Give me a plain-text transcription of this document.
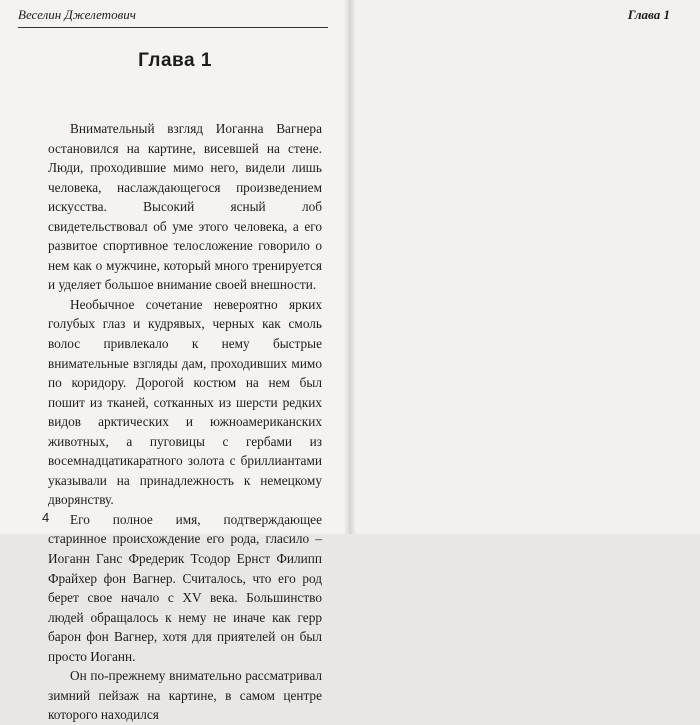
Веселин Джелетович
Глава 1

Внимательный взгляд Иоганна Вагнера остановился на картине, висевшей на стене. Люди, проходившие мимо него, видели лишь человека, наслаждающегося произведением искусства. Высокий ясный лоб свидетельствовал об уме этого человека, а его развитое спортивное телосложение говорило о нем как о мужчине, который много тренируется и уделяет большое внимание своей внешности.

Необычное сочетание невероятно ярких голубых глаз и кудрявых, черных как смоль волос привлекало к нему быстрые внимательные взгляды дам, проходивших мимо по коридору. Дорогой костюм на нем был пошит из тканей, сотканных из шерсти редких видов арктических и южноамериканских животных, а пуговицы с гербами из восемнадцатикаратного золота с бриллиантами указывали на принадлежность к немецкому дворянству.

Его полное имя, подтверждающее старинное происхождение его рода, гласило – Иоганн Ганс Фредерик Тсодор Ернст Филипп Фрайхер фон Вагнер. Считалось, что его род берет свое начало с XV века. Большинство людей обращалось к нему не иначе как герр барон фон Вагнер, хотя для приятелей он был просто Иоганн.

Он по-прежнему внимательно рассматривал зимний пейзаж на картине, в самом центре которого находился

4
Глава 1
